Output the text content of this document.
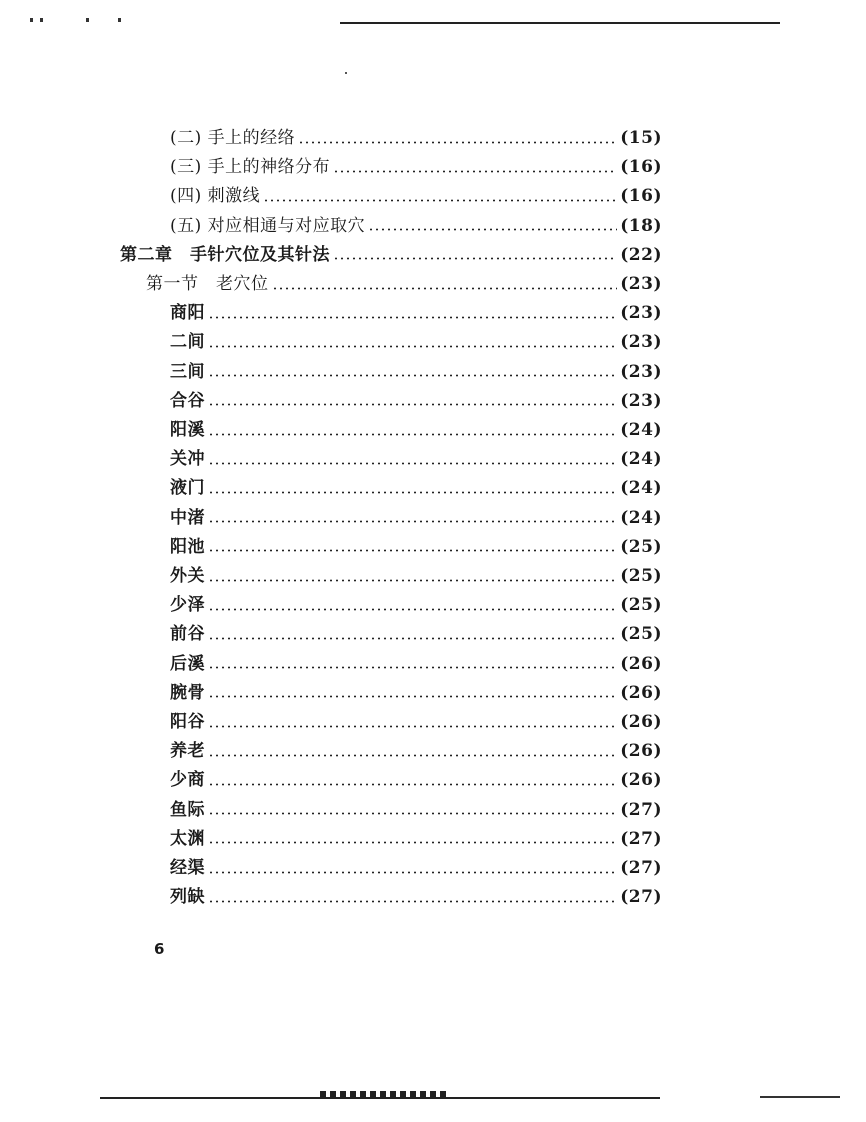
(二) 手上的经络	(15)
(三) 手上的神络分布	(16)
(四) 刺激线	(16)
(五) 对应相通与对应取穴	(18)
第二章　手针穴位及其针法	(22)
第一节　老穴位	(23)
商阳	(23)
二间	(23)
三间	(23)
合谷	(23)
阳溪	(24)
关冲	(24)
液门	(24)
中渚	(24)
阳池	(25)
外关	(25)
少泽	(25)
前谷	(25)
后溪	(26)
腕骨	(26)
阳谷	(26)
养老	(26)
少商	(26)
鱼际	(27)
太渊	(27)
经渠	(27)
列缺	(27)
6
